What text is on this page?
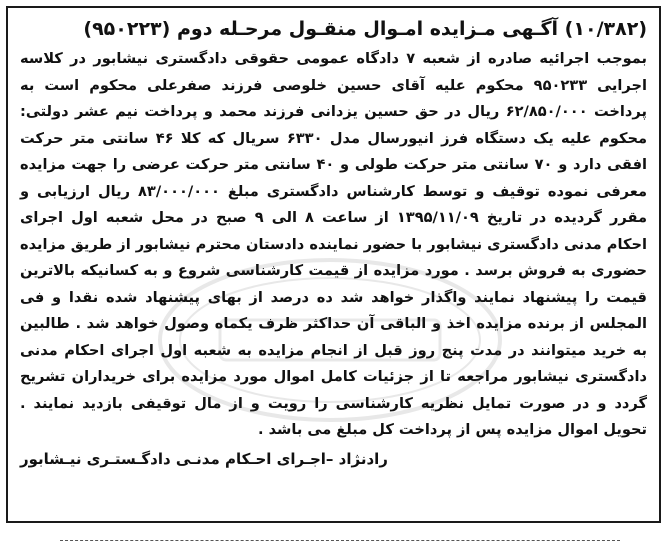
(۱۰/۳۸۲) آگـهی مـزایده امـوال منقـول مرحـله دوم (۹۵۰۲۲۳)

بموجب اجرائیه صادره از شعبه ۷ دادگاه عمومی حقوقی دادگستری نیشابور در کلاسه اجرایی ۹۵۰۲۳۳ محکوم علیه آقای حسین خلوصی فرزند صفرعلی محکوم است به پرداخت ۶۲/۸۵۰/۰۰۰ ریال در حق حسین یزدانی فرزند محمد و پرداخت نیم عشر دولتی: محکوم علیه یک دستگاه فرز انیورسال مدل ۶۳۳۰ سریال که کلا ۴۶ سانتی متر حرکت افقی دارد و ۷۰ سانتی متر حرکت طولی و ۴۰ سانتی متر حرکت عرضی را جهت مزایده معرفی نموده توقیف و توسط کارشناس دادگستری مبلغ ۸۳/۰۰۰/۰۰۰ ریال ارزیابی و مقرر گردیده در تاریخ ۱۳۹۵/۱۱/۰۹ از ساعت ۸ الی ۹ صبح در محل شعبه اول اجرای احکام مدنی دادگستری نیشابور با حضور نماینده دادستان محترم نیشابور از طریق مزایده حضوری به فروش برسد . مورد مزایده از قیمت کارشناسی شروع و به کسانیکه بالاترین قیمت را پیشنهاد نمایند واگذار خواهد شد ده درصد از بهای پیشنهاد شده نقدا و فی المجلس از برنده مزایده اخذ و الباقی آن حداکثر ظرف یکماه وصول خواهد شد . طالبین به خرید میتوانند در مدت پنج روز قبل از انجام مزایده به شعبه اول اجرای احکام مدنی دادگستری نیشابور مراجعه تا از جزئیات کامل اموال مورد مزایده برای خریداران تشریح گردد و در صورت تمایل نظریه کارشناسی را رویت و از مال توقیفی بازدید نمایند . تحویل اموال مزایده پس از پرداخت کل مبلغ می باشد .

رادنژاد –اجـرای احـکام مدنـی دادگـستـری نیـشابور
